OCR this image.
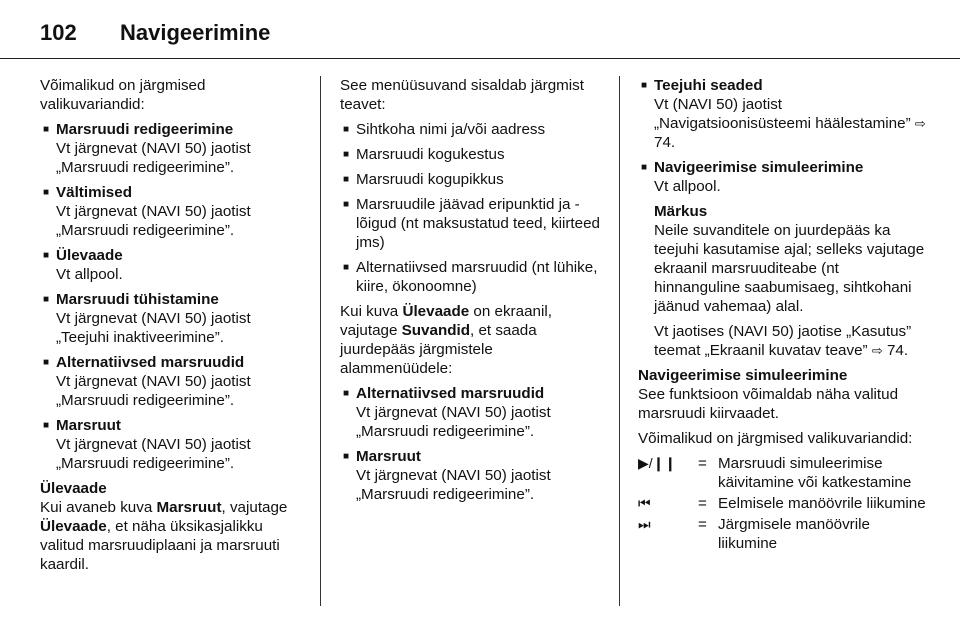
102	Navigeerimine

Võimalikud on järgmised valikuvariandid:

■ Marsruudi redigeerimine
Vt järgnevat (NAVI 50) jaotist „Marsruudi redigeerimine”.
■ Vältimised
Vt järgnevat (NAVI 50) jaotist „Marsruudi redigeerimine”.
■ Ülevaade
Vt allpool.
■ Marsruudi tühistamine
Vt järgnevat (NAVI 50) jaotist „Teejuhi inaktiveerimine”.
■ Alternatiivsed marsruudid
Vt järgnevat (NAVI 50) jaotist „Marsruudi redigeerimine”.
■ Marsruut
Vt järgnevat (NAVI 50) jaotist „Marsruudi redigeerimine”.
Ülevaade

Kui avaneb kuva Marsruut, vajutage Ülevaade, et näha üksikasjalikku valitud marsruudiplaani ja marsruuti kaardil.

See menüüsuvand sisaldab järgmist teavet:

■ Sihtkoha nimi ja/või aadress
■ Marsruudi kogukestus
■ Marsruudi kogupikkus
■ Marsruudile jäävad eripunktid ja -lõigud (nt maksustatud teed, kiirteed jms)
■ Alternatiivsed marsruudid (nt lühike, kiire, ökonoomne)

Kui kuva Ülevaade on ekraanil, vajutage Suvandid, et saada juurdepääs järgmistele alammenüüdele:

■ Alternatiivsed marsruudid
Vt järgnevat (NAVI 50) jaotist „Marsruudi redigeerimine”.
■ Marsruut
Vt järgnevat (NAVI 50) jaotist „Marsruudi redigeerimine”.
■ Teejuhi seaded
Vt (NAVI 50) jaotist „Navigatsioonisüsteemi häälestamine” ⇨ 74.
■ Navigeerimise simuleerimine
Vt allpool.
Märkus
Neile suvanditele on juurdepääs ka teejuhi kasutamise ajal; selleks vajutage ekraanil marsruuditeabe (nt hinnanguline saabumisaeg, sihtkohani jäänud vahemaa) alal.
Vt jaotises (NAVI 50) jaotise „Kasutus” teemat „Ekraanil kuvatav teave” ⇨ 74.
Navigeerimise simuleerimine

See funktsioon võimaldab näha valitud marsruudi kiirvaadet.

Võimalikud on järgmised valikuvariandid:

▶/❙❙	= Marsruudi simuleerimise käivitamine või katkestamine
⏮	= Eelmisele manöövrile liikumine
⏭	= Järgmisele manöövrile liikumine
